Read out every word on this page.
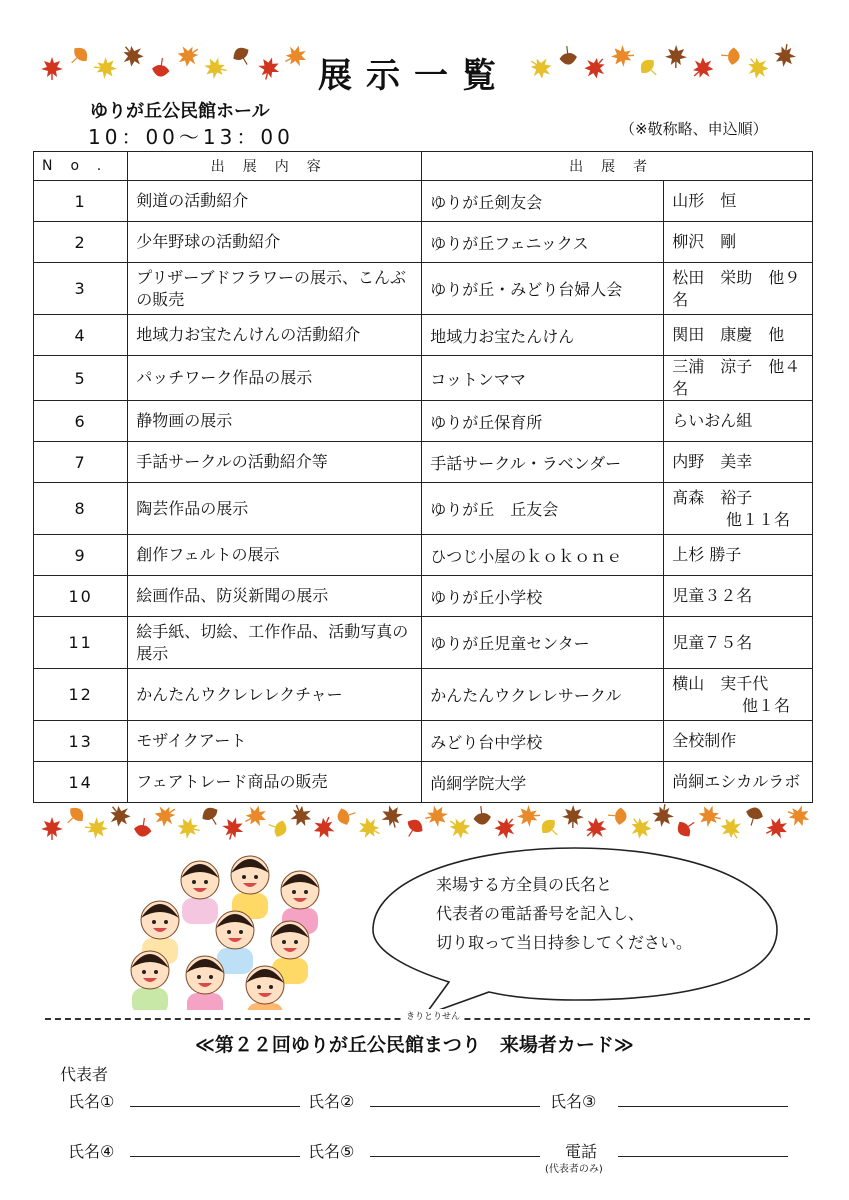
展示一覧
ゆりが丘公民館ホール
10：00～13：00	（※敬称略、申込順）
No.	出展内容	出展者	
1	剣道の活動紹介	ゆりが丘剣友会	山形　恒
2	少年野球の活動紹介	ゆりが丘フェニックス	柳沢　剛
3	プリザーブドフラワーの展示、こんぶの販売	ゆりが丘・みどり台婦人会	松田　栄助　他９名
4	地域力お宝たんけんの活動紹介	地域力お宝たんけん	関田　康慶　他
5	パッチワーク作品の展示	コットンママ	三浦　涼子　他４名
6	静物画の展示	ゆりが丘保育所	らいおん組
7	手話サークルの活動紹介等	手話サークル・ラベンダー	内野　美幸
8	陶芸作品の展示	ゆりが丘　丘友会	髙森　裕子
他１１名

9	創作フェルトの展示	ひつじ小屋のｋｏｋｏｎｅ	上杉 勝子
10	絵画作品、防災新聞の展示	ゆりが丘小学校	児童３２名
11	絵手紙、切絵、工作作品、活動写真の展示	ゆりが丘児童センター	児童７５名
12	かんたんウクレレレクチャー	かんたんウクレレサークル	横山　実千代
他１名

13	モザイクアート	みどり台中学校	全校制作
14	フェアトレード商品の販売	尚絅学院大学	尚絅エシカルラボ
来場する方全員の氏名と
代表者の電話番号を記入し、
切り取って当日持参してください。
きりとりせん
≪第２２回ゆりが丘公民館まつり　来場者カード≫
代表者
氏名①	氏名②	氏名③
氏名④	氏名⑤	電話
(代表者のみ)
